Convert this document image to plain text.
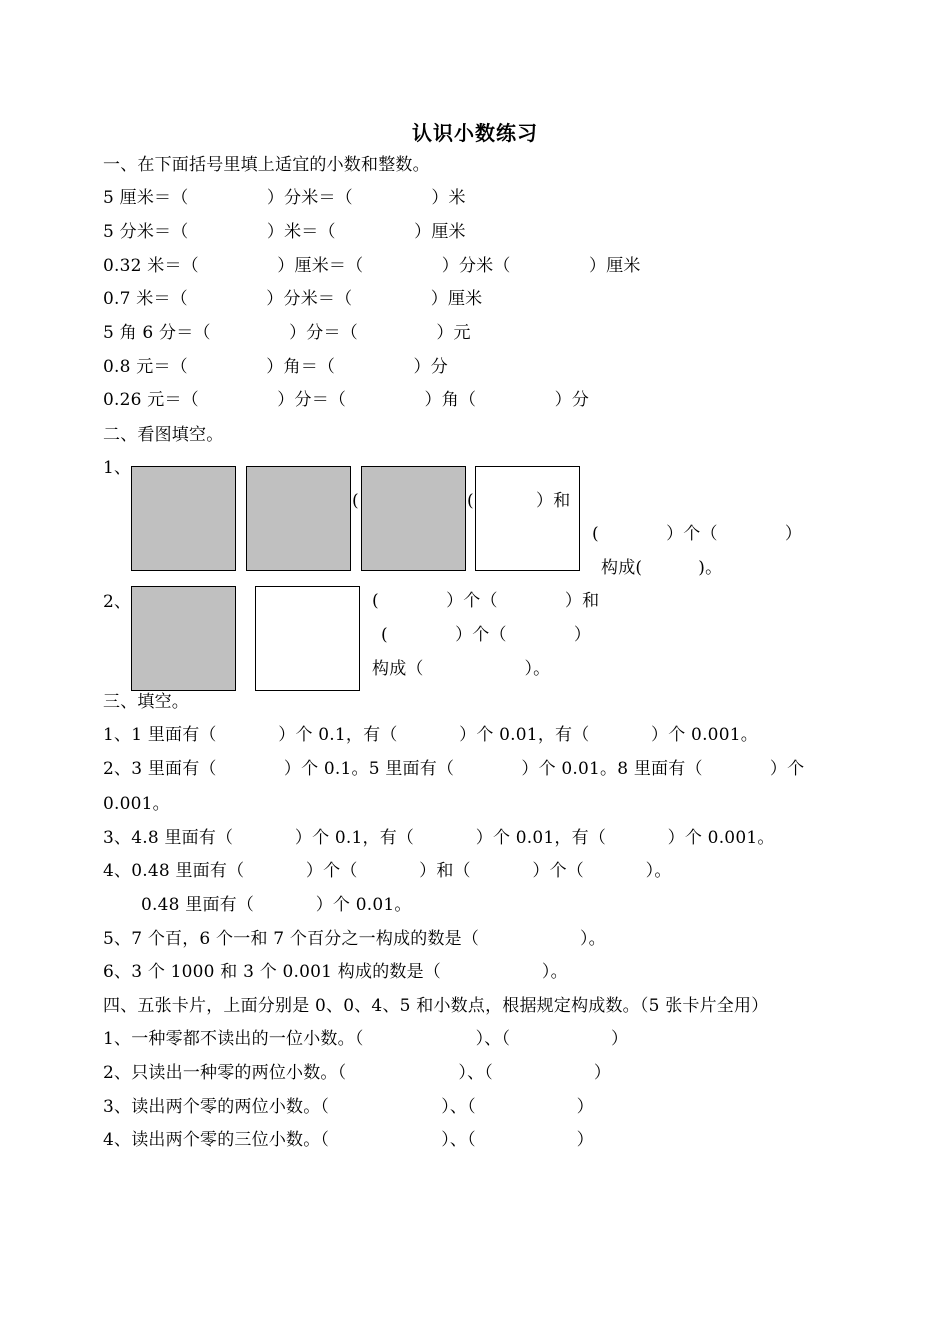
认识小数练习
一、在下面括号里填上适宜的小数和整数。
5 厘米＝（              ）分米＝（              ）米
5 分米＝（              ）米＝（              ）厘米
0.32 米＝（              ）厘米＝（              ）分米（              ）厘米
0.7 米＝（              ）分米＝（              ）厘米
5 角 6 分＝（              ）分＝（              ）元
0.8 元＝（              ）角＝（              ）分
0.26 元＝（              ）分＝（              ）角（              ）分
二、看图填空。
1、
(	(	）和
(            ）个（            ）
构成(          )。
2、	(            ）个（            ）和
(            ）个（            ）
构成（                  ）。
三、填空。
1、1 里面有（           ）个 0.1，有（           ）个 0.01，有（           ）个 0.001。
2、3 里面有（            ）个 0.1。5 里面有（            ）个 0.01。8 里面有（            ）个
0.001。
3、4.8 里面有（           ）个 0.1，有（           ）个 0.01，有（           ）个 0.001。
4、0.48 里面有（           ）个（           ）和（           ）个（           ）。
0.48 里面有（           ）个 0.01。
5、7 个百，6 个一和 7 个百分之一构成的数是（                  ）。
6、3 个 1000 和 3 个 0.001 构成的数是（                  ）。
四、五张卡片，上面分别是 0、0、4、5 和小数点，根据规定构成数。（5 张卡片全用）
1、一种零都不读出的一位小数。（                    ）、（                  ）
2、只读出一种零的两位小数。（                    ）、（                  ）
3、读出两个零的两位小数。（                    ）、（                  ）
4、读出两个零的三位小数。（                    ）、（                  ）
